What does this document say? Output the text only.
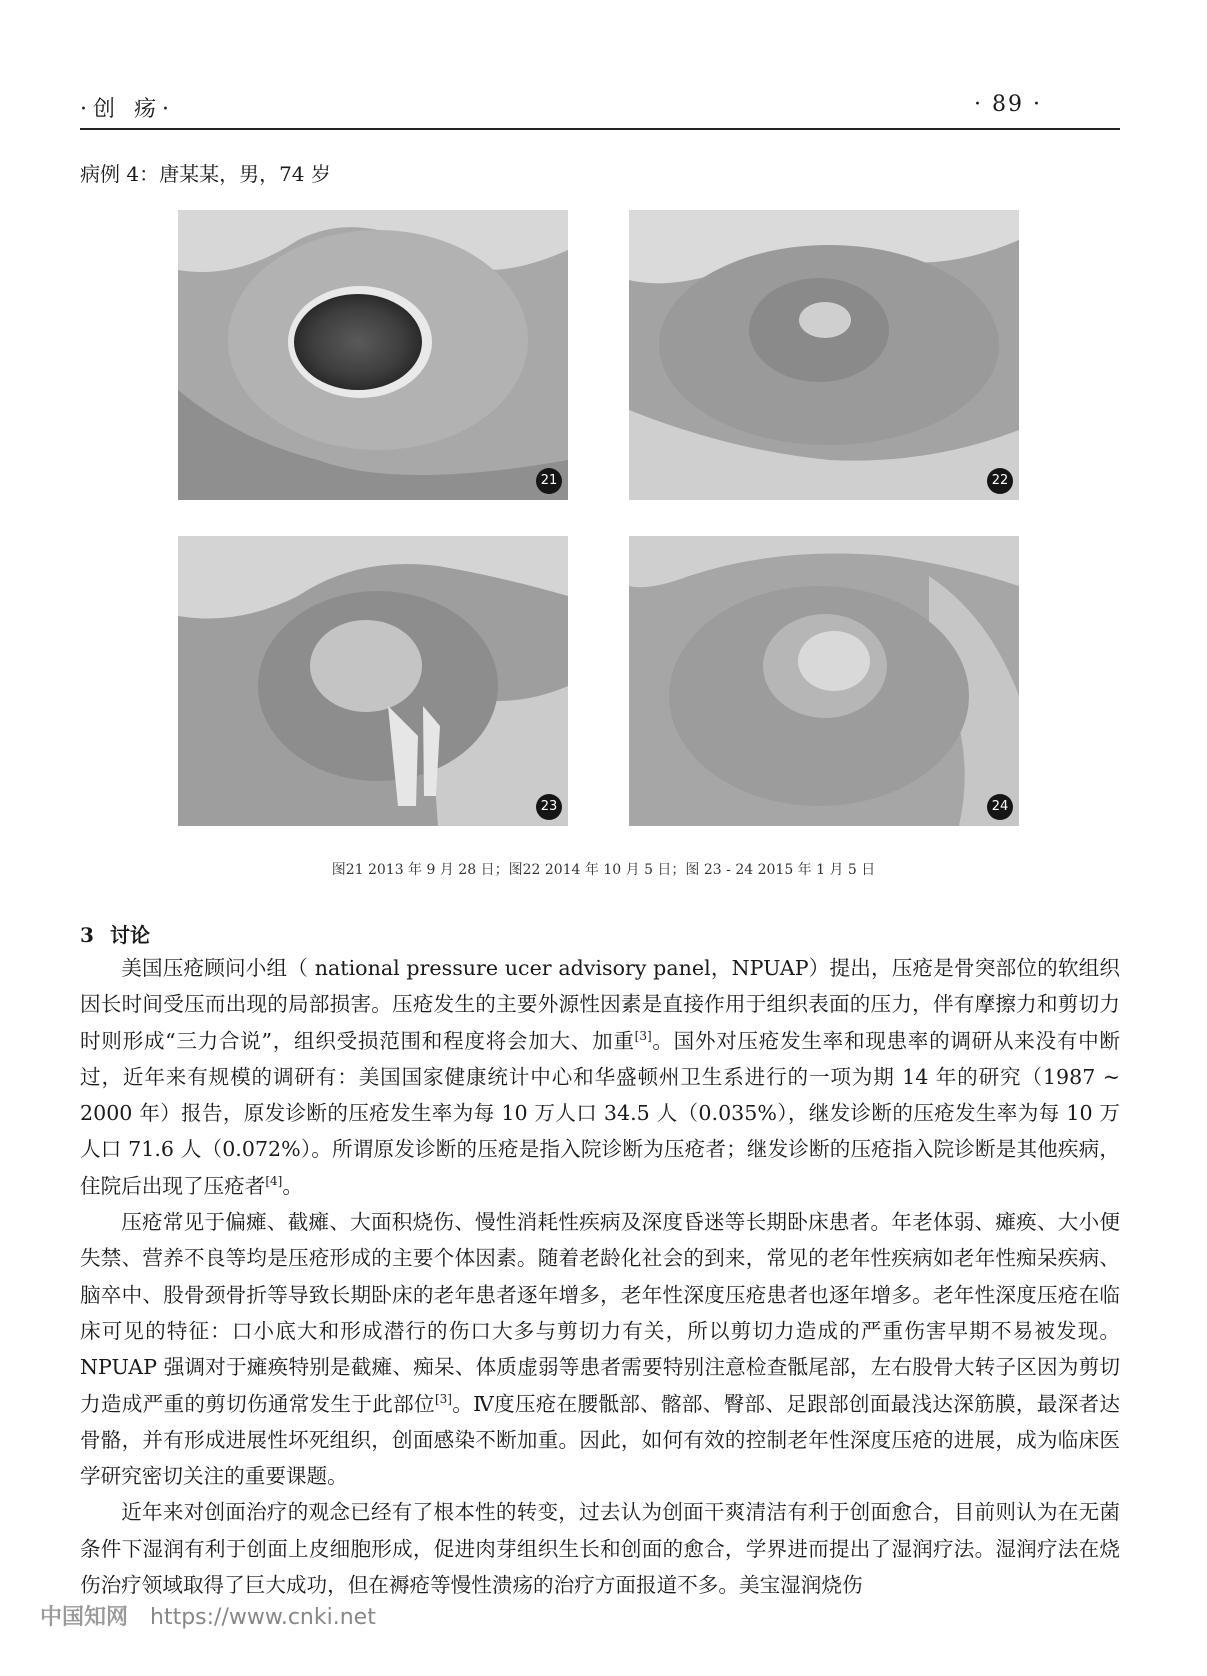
·创 疡·	· 89 ·
病例 4：唐某某，男，74 岁
21	22
23	24
图21 2013 年 9 月 28 日；图22 2014 年 10 月 5 日；图 23 - 24 2015 年 1 月 5 日
3 讨论

美国压疮顾问小组（ national pressure ucer advisory panel，NPUAP）提出，压疮是骨突部位的软组织因长时间受压而出现的局部损害。压疮发生的主要外源性因素是直接作用于组织表面的压力，伴有摩擦力和剪切力时则形成“三力合说”，组织受损范围和程度将会加大、加重[3]。国外对压疮发生率和现患率的调研从来没有中断过，近年来有规模的调研有：美国国家健康统计中心和华盛顿州卫生系进行的一项为期 14 年的研究（1987 ~ 2000 年）报告，原发诊断的压疮发生率为每 10 万人口 34.5 人（0.035%），继发诊断的压疮发生率为每 10 万人口 71.6 人（0.072%）。所谓原发诊断的压疮是指入院诊断为压疮者；继发诊断的压疮指入院诊断是其他疾病，住院后出现了压疮者[4]。

压疮常见于偏瘫、截瘫、大面积烧伤、慢性消耗性疾病及深度昏迷等长期卧床患者。年老体弱、瘫痪、大小便失禁、营养不良等均是压疮形成的主要个体因素。随着老龄化社会的到来，常见的老年性疾病如老年性痴呆疾病、脑卒中、股骨颈骨折等导致长期卧床的老年患者逐年增多，老年性深度压疮患者也逐年增多。老年性深度压疮在临床可见的特征：口小底大和形成潜行的伤口大多与剪切力有关，所以剪切力造成的严重伤害早期不易被发现。NPUAP 强调对于瘫痪特别是截瘫、痴呆、体质虚弱等患者需要特别注意检查骶尾部，左右股骨大转子区因为剪切力造成严重的剪切伤通常发生于此部位[3]。Ⅳ度压疮在腰骶部、髂部、臀部、足跟部创面最浅达深筋膜，最深者达骨骼，并有形成进展性坏死组织，创面感染不断加重。因此，如何有效的控制老年性深度压疮的进展，成为临床医学研究密切关注的重要课题。

近年来对创面治疗的观念已经有了根本性的转变，过去认为创面干爽清洁有利于创面愈合，目前则认为在无菌条件下湿润有利于创面上皮细胞形成，促进肉芽组织生长和创面的愈合，学界进而提出了湿润疗法。湿润疗法在烧伤治疗领域取得了巨大成功，但在褥疮等慢性溃疡的治疗方面报道不多。美宝湿润烧伤

中国知网 https://www.cnki.net
